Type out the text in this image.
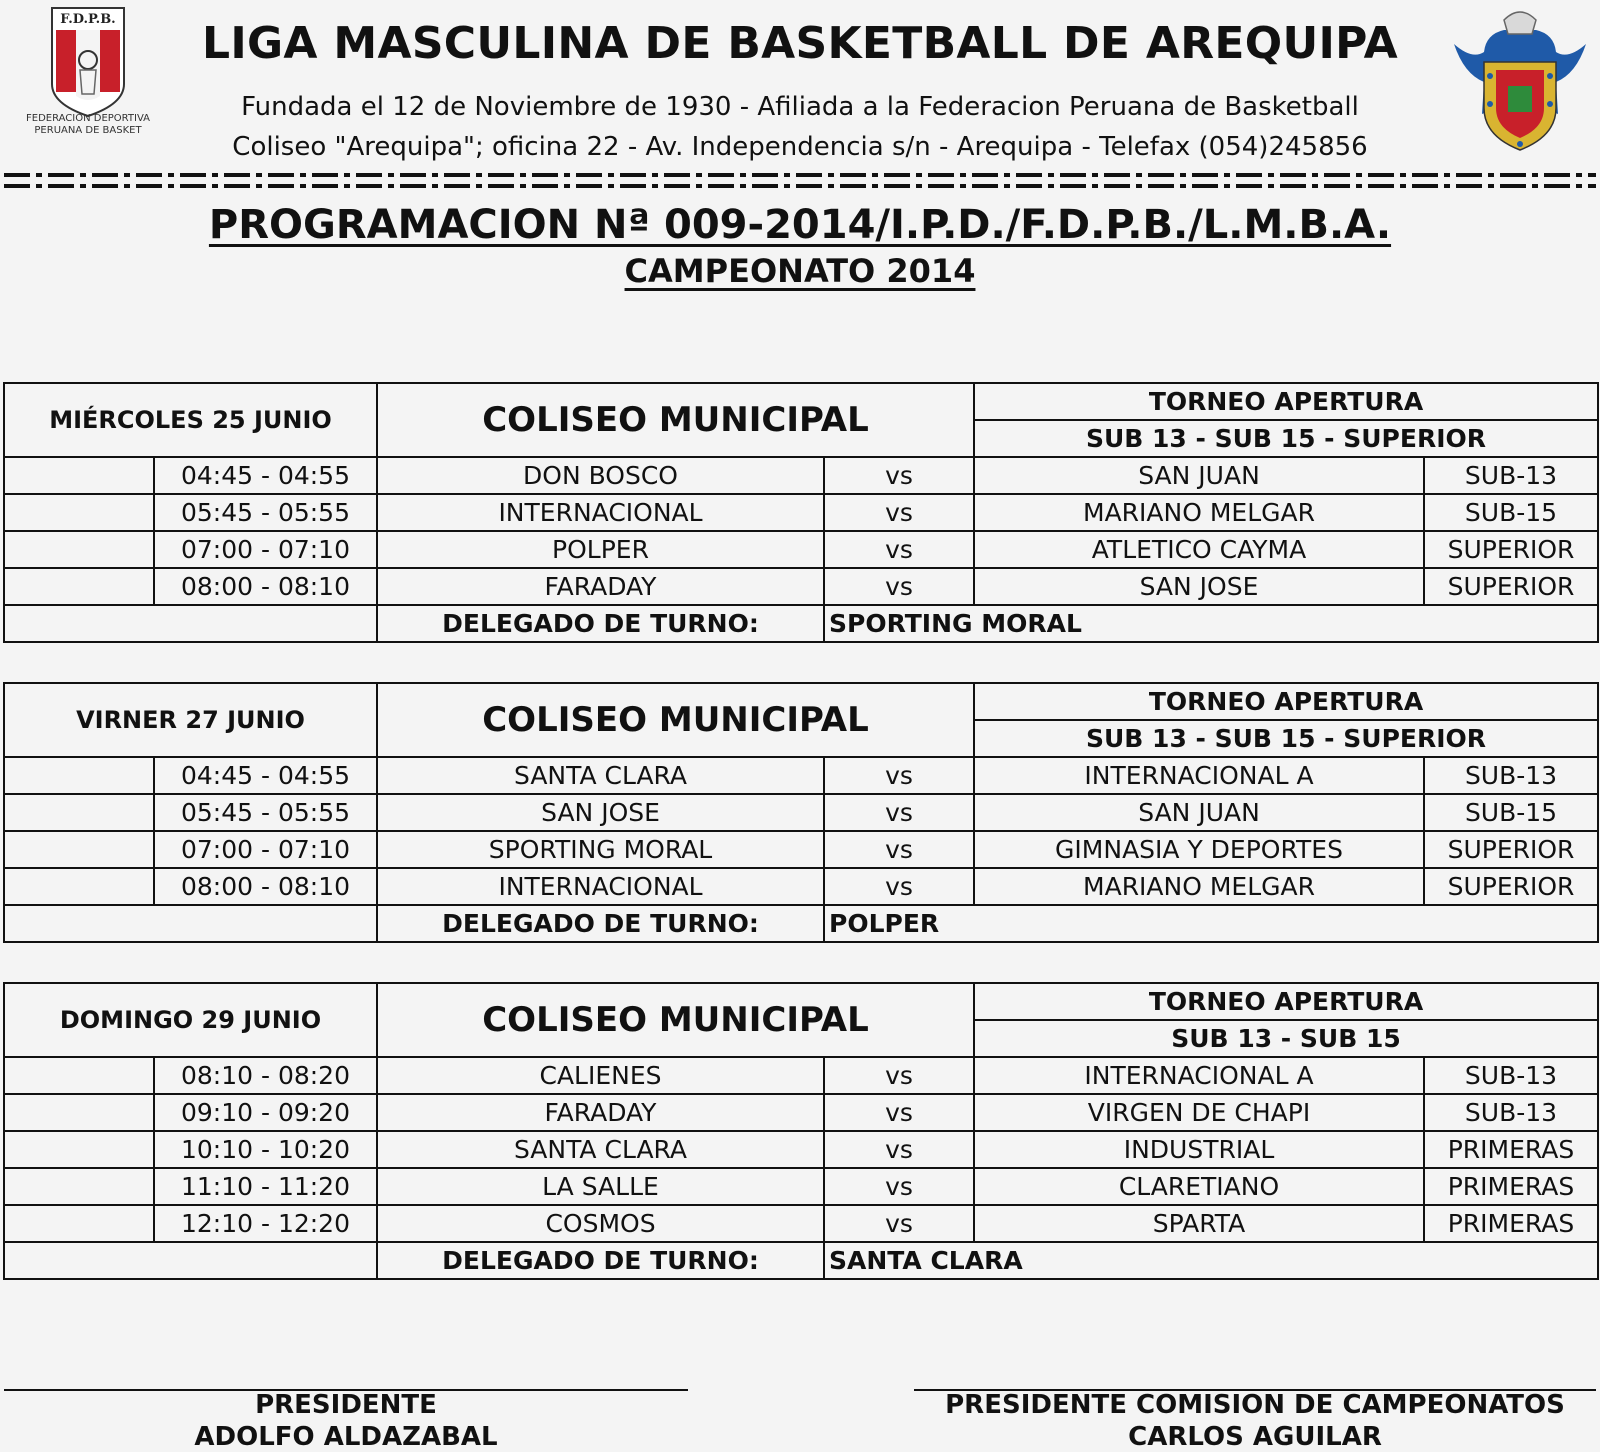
F.D.P.B.
FEDERACION DEPORTIVA
PERUANA DE BASKET
LIGA MASCULINA DE BASKETBALL DE AREQUIPA
Fundada el 12 de Noviembre de 1930 - Afiliada a la Federacion Peruana de Basketball
Coliseo "Arequipa"; oficina 22 - Av. Independencia s/n - Arequipa - Telefax (054)245856
PROGRAMACION Nª 009-2014/I.P.D./F.D.P.B./L.M.B.A.
CAMPEONATO 2014
MIÉRCOLES 25 JUNIO		COLISEO MUNICIPAL		TORNEO APERTURA	
				SUB 13 - SUB 15 - SUPERIOR	
	04:45 - 04:55	DON BOSCO	vs	SAN JUAN	SUB-13
	05:45 - 05:55	INTERNACIONAL	vs	MARIANO MELGAR	SUB-15
	07:00 - 07:10	POLPER	vs	ATLETICO CAYMA	SUPERIOR
	08:00 - 08:10	FARADAY	vs	SAN JOSE	SUPERIOR
		DELEGADO DE TURNO:	SPORTING MORAL		
VIRNER 27 JUNIO		COLISEO MUNICIPAL		TORNEO APERTURA	
				SUB 13 - SUB 15 - SUPERIOR	
	04:45 - 04:55	SANTA CLARA	vs	INTERNACIONAL A	SUB-13
	05:45 - 05:55	SAN JOSE	vs	SAN JUAN	SUB-15
	07:00 - 07:10	SPORTING MORAL	vs	GIMNASIA Y DEPORTES	SUPERIOR
	08:00 - 08:10	INTERNACIONAL	vs	MARIANO MELGAR	SUPERIOR
		DELEGADO DE TURNO:	POLPER		
DOMINGO 29 JUNIO		COLISEO MUNICIPAL		TORNEO APERTURA	
				SUB 13 - SUB 15	
	08:10 - 08:20	CALIENES	vs	INTERNACIONAL A	SUB-13
	09:10 - 09:20	FARADAY	vs	VIRGEN DE CHAPI	SUB-13
	10:10 - 10:20	SANTA CLARA	vs	INDUSTRIAL	PRIMERAS
	11:10 - 11:20	LA SALLE	vs	CLARETIANO	PRIMERAS
	12:10 - 12:20	COSMOS	vs	SPARTA	PRIMERAS
		DELEGADO DE TURNO:	SANTA CLARA		
PRESIDENTE
ADOLFO ALDAZABAL
PRESIDENTE COMISION DE CAMPEONATOS
CARLOS AGUILAR
